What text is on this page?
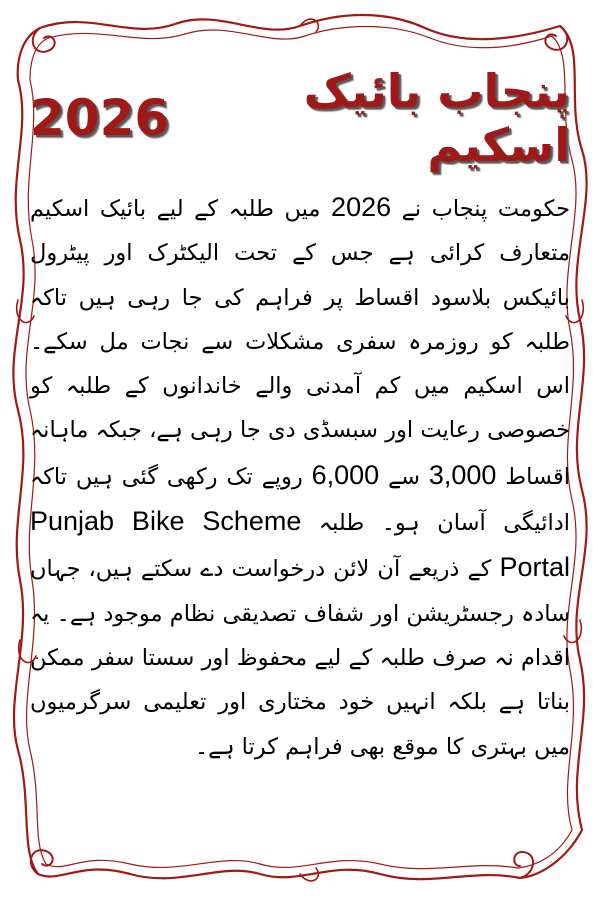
پنجاب بائیک اسکیم
2026

حکومت پنجاب نے 2026 میں طلبہ کے لیے بائیک اسکیم متعارف کرائی ہے جس کے تحت الیکٹرک اور پیٹرول بائیکس بلاسود اقساط پر فراہم کی جا رہی ہیں تاکہ طلبہ کو روزمرہ سفری مشکلات سے نجات مل سکے۔ اس اسکیم میں کم آمدنی والے خاندانوں کے طلبہ کو خصوصی رعایت اور سبسڈی دی جا رہی ہے، جبکہ ماہانہ اقساط 3,000 سے 6,000 روپے تک رکھی گئی ہیں تاکہ ادائیگی آسان ہو۔ طلبہ Punjab Bike Scheme Portal کے ذریعے آن لائن درخواست دے سکتے ہیں، جہاں سادہ رجسٹریشن اور شفاف تصدیقی نظام موجود ہے۔ یہ اقدام نہ صرف طلبہ کے لیے محفوظ اور سستا سفر ممکن بناتا ہے بلکہ انہیں خود مختاری اور تعلیمی سرگرمیوں میں بہتری کا موقع بھی فراہم کرتا ہے۔
